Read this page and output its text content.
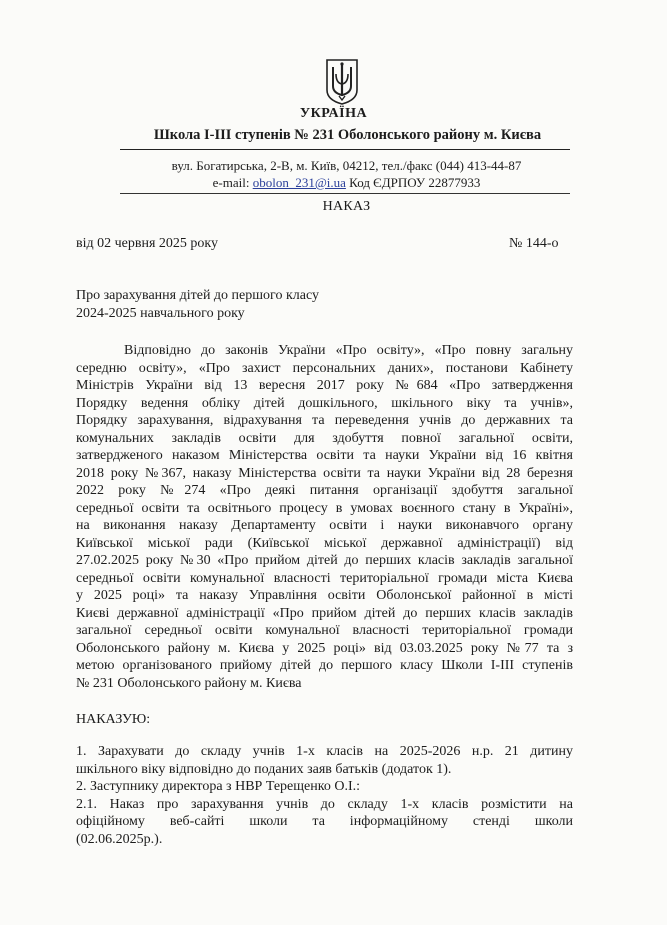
УКРАЇНА
Школа І-ІІІ ступенів № 231 Оболонського району м. Києва
вул. Богатирська, 2-В, м. Київ, 04212, тел./факс (044) 413-44-87
e-mail: obolon_231@i.ua Код ЄДРПОУ 22877933
НАКАЗ
від 02 червня 2025 року	№ 144-о
Про зарахування дітей до першого класу
2024-2025 навчального року
Відповідно до законів України «Про освіту», «Про повну загальну
середню освіту», «Про захист персональних даних», постанови Кабінету
Міністрів України від 13 вересня 2017 року №684 «Про затвердження
Порядку ведення обліку дітей дошкільного, шкільного віку та учнів»,
Порядку зарахування, відрахування та переведення учнів до державних та
комунальних закладів освіти для здобуття повної загальної освіти,
затвердженого наказом Міністерства освіти та науки України від 16 квітня
2018 року №367, наказу Міністерства освіти та науки України від 28 березня
2022 року №274 «Про деякі питання організації здобуття загальної
середньої освіти та освітнього процесу в умовах воєнного стану в Україні»,
на виконання наказу Департаменту освіти і науки виконавчого органу
Київської міської ради (Київської міської державної адміністрації) від
27.02.2025 року №30 «Про прийом дітей до перших класів закладів загальної
середньої освіти комунальної власності територіальної громади міста Києва
у 2025 році» та наказу Управління освіти Оболонської районної в місті
Києві державної адміністрації «Про прийом дітей до перших класів закладів
загальної середньої освіти комунальної власності територіальної громади
Оболонського району м. Києва у 2025 році» від 03.03.2025 року №77 та з
метою організованого прийому дітей до першого класу Школи І-ІІІ ступенів
№ 231 Оболонського району м. Києва
НАКАЗУЮ:
1. Зарахувати до складу учнів 1-х класів на 2025-2026 н.р. 21 дитину
шкільного віку відповідно до поданих заяв батьків (додаток 1).
2. Заступнику директора з НВР Терещенко О.І.:
2.1. Наказ про зарахування учнів до складу 1-х класів розмістити на
офіційному веб-сайті школи та інформаційному стенді школи
(02.06.2025р.).
